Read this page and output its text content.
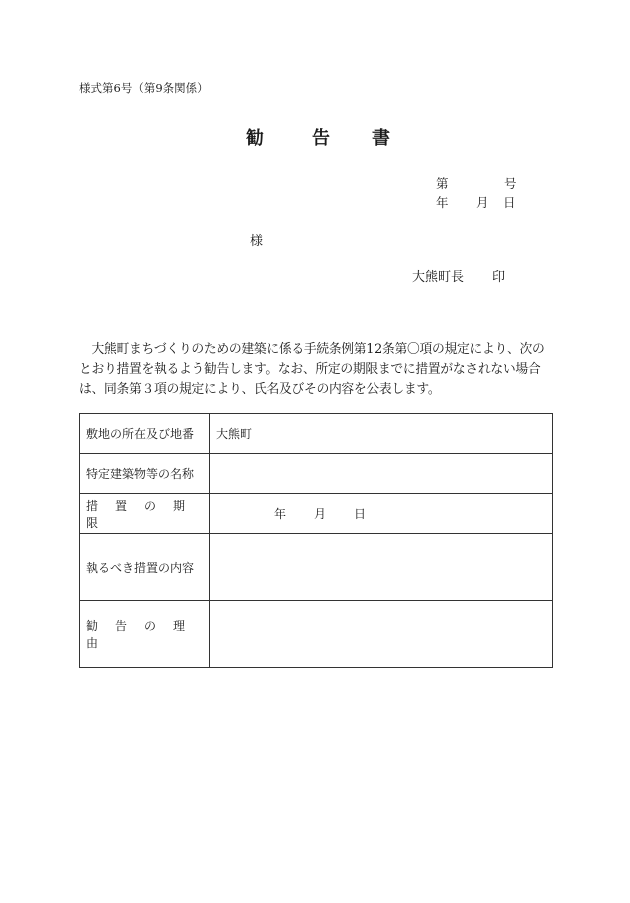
様式第6号（第9条関係）
勧	告 書
第	号
年 月 日
様
大熊町長 印
　大熊町まちづくりのための建築に係る手続条例第12条第〇項の規定により、次のとおり措置を執るよう勧告します。なお、所定の期限までに措置がなされない場合は、同条第３項の規定により、氏名及びその内容を公表します。
敷地の所在及び地番	大熊町
特定建築物等の名称	
措置の期限	年 月 日
執るべき措置の内容	
勧告の理由	
